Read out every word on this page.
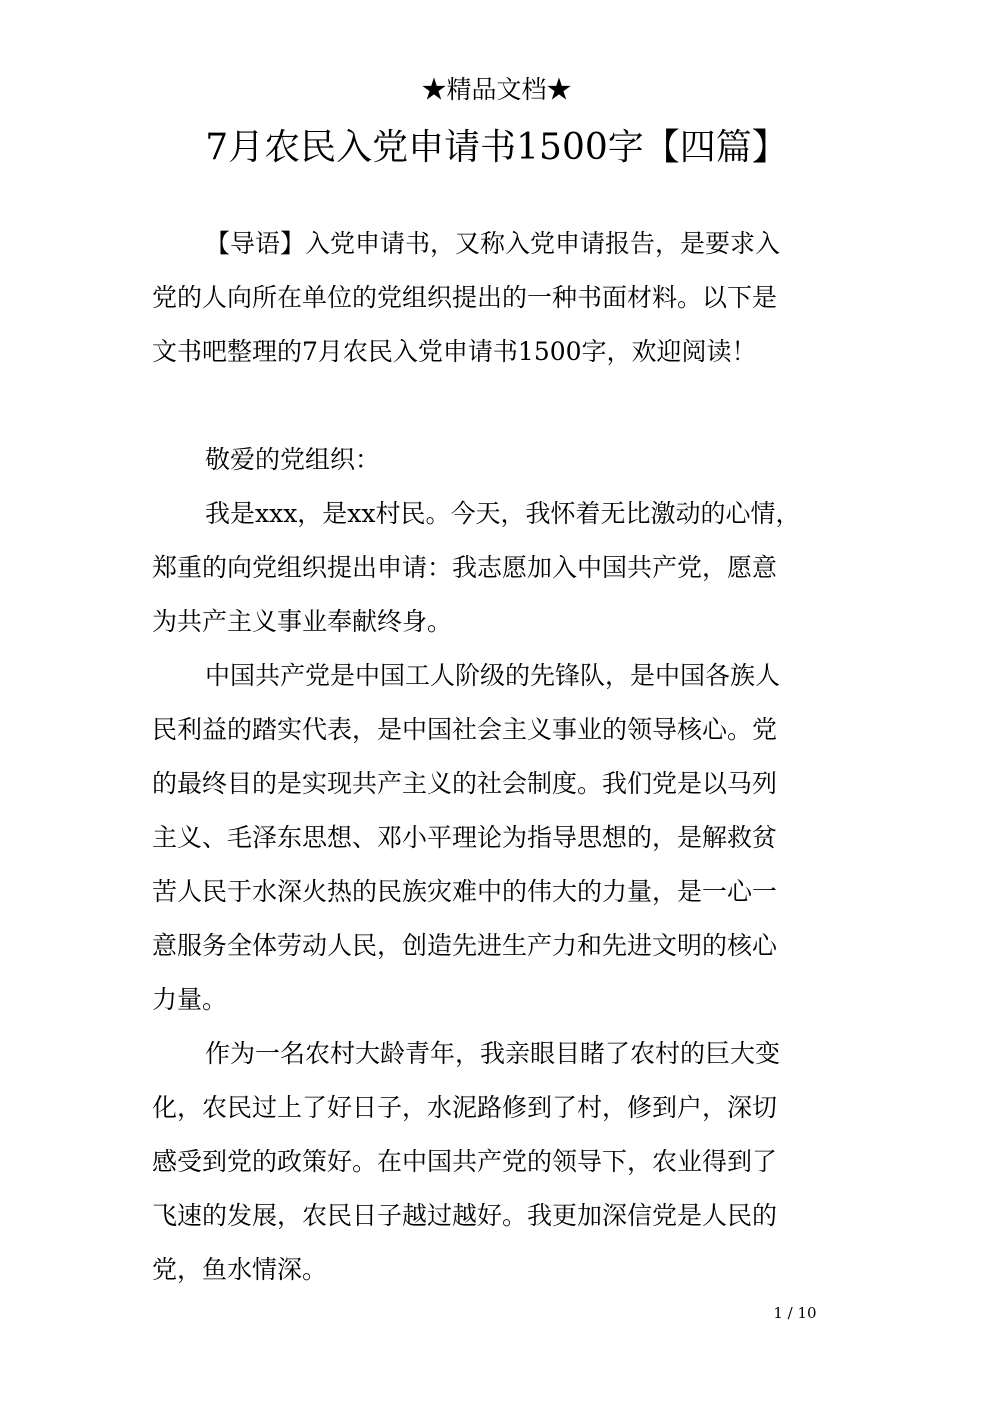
★精品文档★
7月农民入党申请书1500字【四篇】
【导语】入党申请书，又称入党申请报告，是要求入
党的人向所在单位的党组织提出的一种书面材料。以下是
文书吧整理的7月农民入党申请书1500字，欢迎阅读！
敬爱的党组织：
我是xxx，是xx村民。今天，我怀着无比激动的心情，
郑重的向党组织提出申请：我志愿加入中国共产党，愿意
为共产主义事业奉献终身。
中国共产党是中国工人阶级的先锋队，是中国各族人
民利益的踏实代表，是中国社会主义事业的领导核心。党
的最终目的是实现共产主义的社会制度。我们党是以马列
主义、毛泽东思想、邓小平理论为指导思想的，是解救贫
苦人民于水深火热的民族灾难中的伟大的力量，是一心一
意服务全体劳动人民，创造先进生产力和先进文明的核心
力量。
作为一名农村大龄青年，我亲眼目睹了农村的巨大变
化，农民过上了好日子，水泥路修到了村，修到户，深切
感受到党的政策好。在中国共产党的领导下，农业得到了
飞速的发展，农民日子越过越好。我更加深信党是人民的
党，鱼水情深。
1 / 10
